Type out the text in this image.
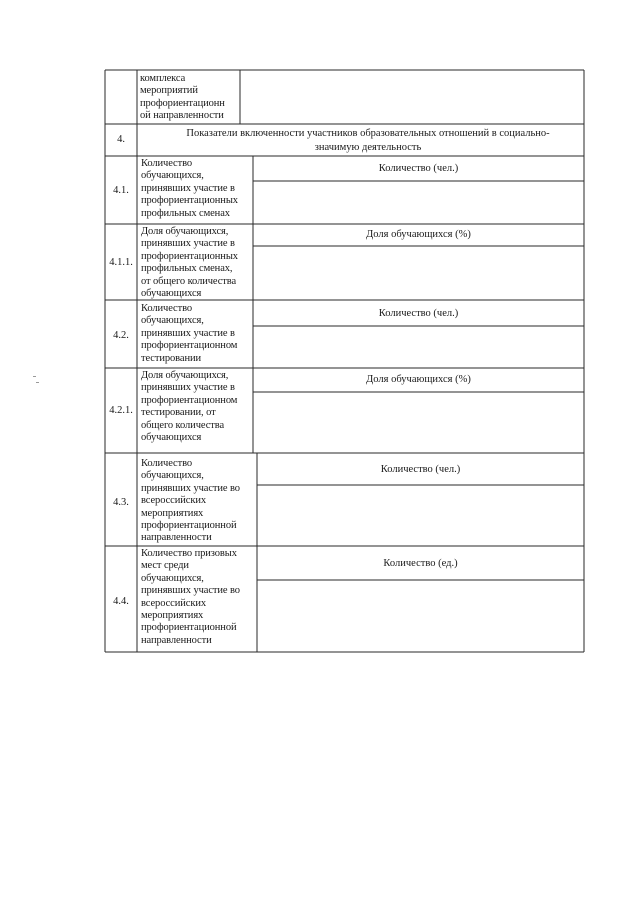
комплекса
мероприятий
профориентационн
ой направленности
4.
Показатели включенности участников образовательных отношений в социально-
значимую деятельность
4.1.
Количество
обучающихся,
принявших участие в
профориентационных
профильных сменах
Количество (чел.)
4.1.1.
Доля обучающихся,
принявших участие в
профориентационных
профильных сменах,
от общего количества
обучающихся
Доля обучающихся (%)
4.2.
Количество
обучающихся,
принявших участие в
профориентационном
тестировании
Количество (чел.)
4.2.1.
Доля обучающихся,
принявших участие в
профориентационном
тестировании, от
общего количества
обучающихся
Доля обучающихся (%)
4.3.
Количество
обучающихся,
принявших участие во
всероссийских
мероприятиях
профориентационной
направленности
Количество (чел.)
4.4.
Количество призовых
мест среди
обучающихся,
принявших участие во
всероссийских
мероприятиях
профориентационной
направленности
Количество (ед.)
